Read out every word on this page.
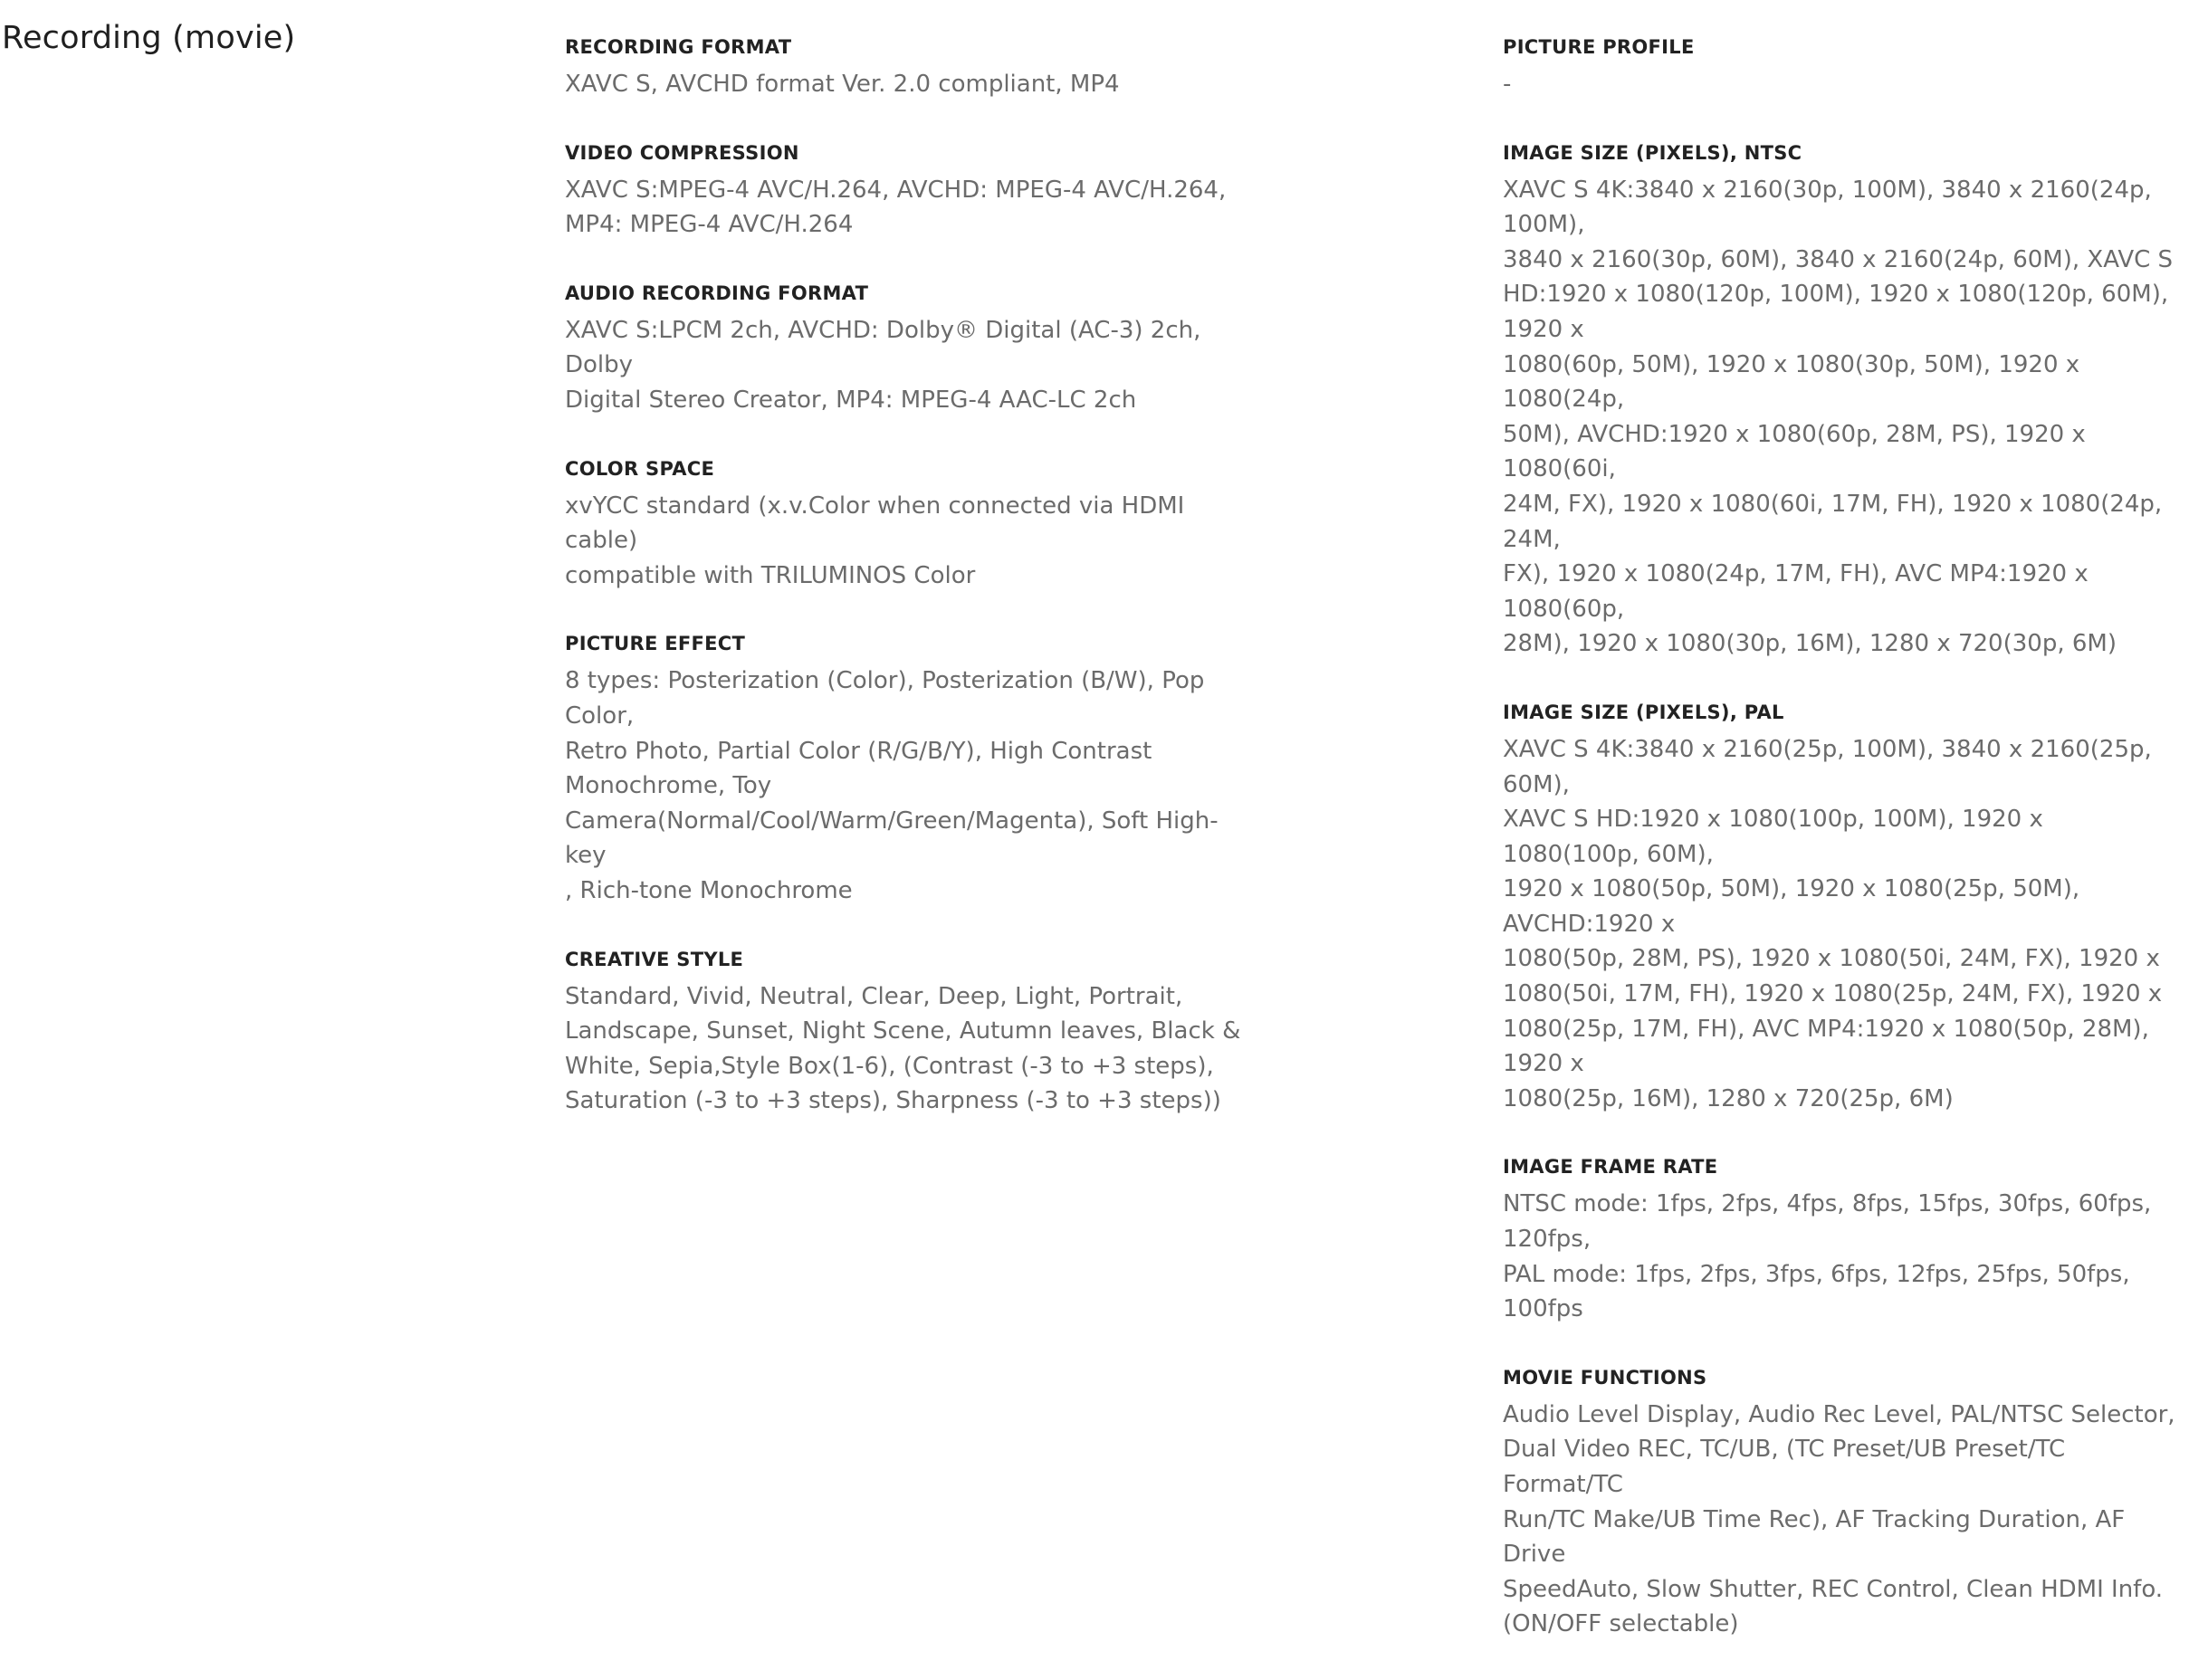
Recording (movie)	RECORDING FORMAT

XAVC S, AVCHD format Ver. 2.0 compliant, MP4

VIDEO COMPRESSION

XAVC S:MPEG-4 AVC/H.264, AVCHD: MPEG-4 AVC/H.264,
MP4: MPEG-4 AVC/H.264

AUDIO RECORDING FORMAT

XAVC S:LPCM 2ch, AVCHD: Dolby® Digital (AC-3) 2ch, Dolby
Digital Stereo Creator, MP4: MPEG-4 AAC-LC 2ch

COLOR SPACE

xvYCC standard (x.v.Color when connected via HDMI cable)
compatible with TRILUMINOS Color

PICTURE EFFECT

8 types: Posterization (Color), Posterization (B/W), Pop Color,
Retro Photo, Partial Color (R/G/B/Y), High Contrast
Monochrome, Toy
Camera(Normal/Cool/Warm/Green/Magenta), Soft High-key
, Rich-tone Monochrome

CREATIVE STYLE

Standard, Vivid, Neutral, Clear, Deep, Light, Portrait,
Landscape, Sunset, Night Scene, Autumn leaves, Black &
White, Sepia,Style Box(1-6), (Contrast (-3 to +3 steps),
Saturation (-3 to +3 steps), Sharpness (-3 to +3 steps))

PICTURE PROFILE

-

IMAGE SIZE (PIXELS), NTSC

XAVC S 4K:3840 x 2160(30p, 100M), 3840 x 2160(24p, 100M),
3840 x 2160(30p, 60M), 3840 x 2160(24p, 60M), XAVC S
HD:1920 x 1080(120p, 100M), 1920 x 1080(120p, 60M), 1920 x
1080(60p, 50M), 1920 x 1080(30p, 50M), 1920 x 1080(24p,
50M), AVCHD:1920 x 1080(60p, 28M, PS), 1920 x 1080(60i,
24M, FX), 1920 x 1080(60i, 17M, FH), 1920 x 1080(24p, 24M,
FX), 1920 x 1080(24p, 17M, FH), AVC MP4:1920 x 1080(60p,
28M), 1920 x 1080(30p, 16M), 1280 x 720(30p, 6M)

IMAGE SIZE (PIXELS), PAL

XAVC S 4K:3840 x 2160(25p, 100M), 3840 x 2160(25p, 60M),
XAVC S HD:1920 x 1080(100p, 100M), 1920 x 1080(100p, 60M),
1920 x 1080(50p, 50M), 1920 x 1080(25p, 50M), AVCHD:1920 x
1080(50p, 28M, PS), 1920 x 1080(50i, 24M, FX), 1920 x
1080(50i, 17M, FH), 1920 x 1080(25p, 24M, FX), 1920 x
1080(25p, 17M, FH), AVC MP4:1920 x 1080(50p, 28M), 1920 x
1080(25p, 16M), 1280 x 720(25p, 6M)

IMAGE FRAME RATE

NTSC mode: 1fps, 2fps, 4fps, 8fps, 15fps, 30fps, 60fps, 120fps,
PAL mode: 1fps, 2fps, 3fps, 6fps, 12fps, 25fps, 50fps, 100fps

MOVIE FUNCTIONS

Audio Level Display, Audio Rec Level, PAL/NTSC Selector,
Dual Video REC, TC/UB, (TC Preset/UB Preset/TC Format/TC
Run/TC Make/UB Time Rec), AF Tracking Duration, AF Drive
SpeedAuto, Slow Shutter, REC Control, Clean HDMI Info.
(ON/OFF selectable)
